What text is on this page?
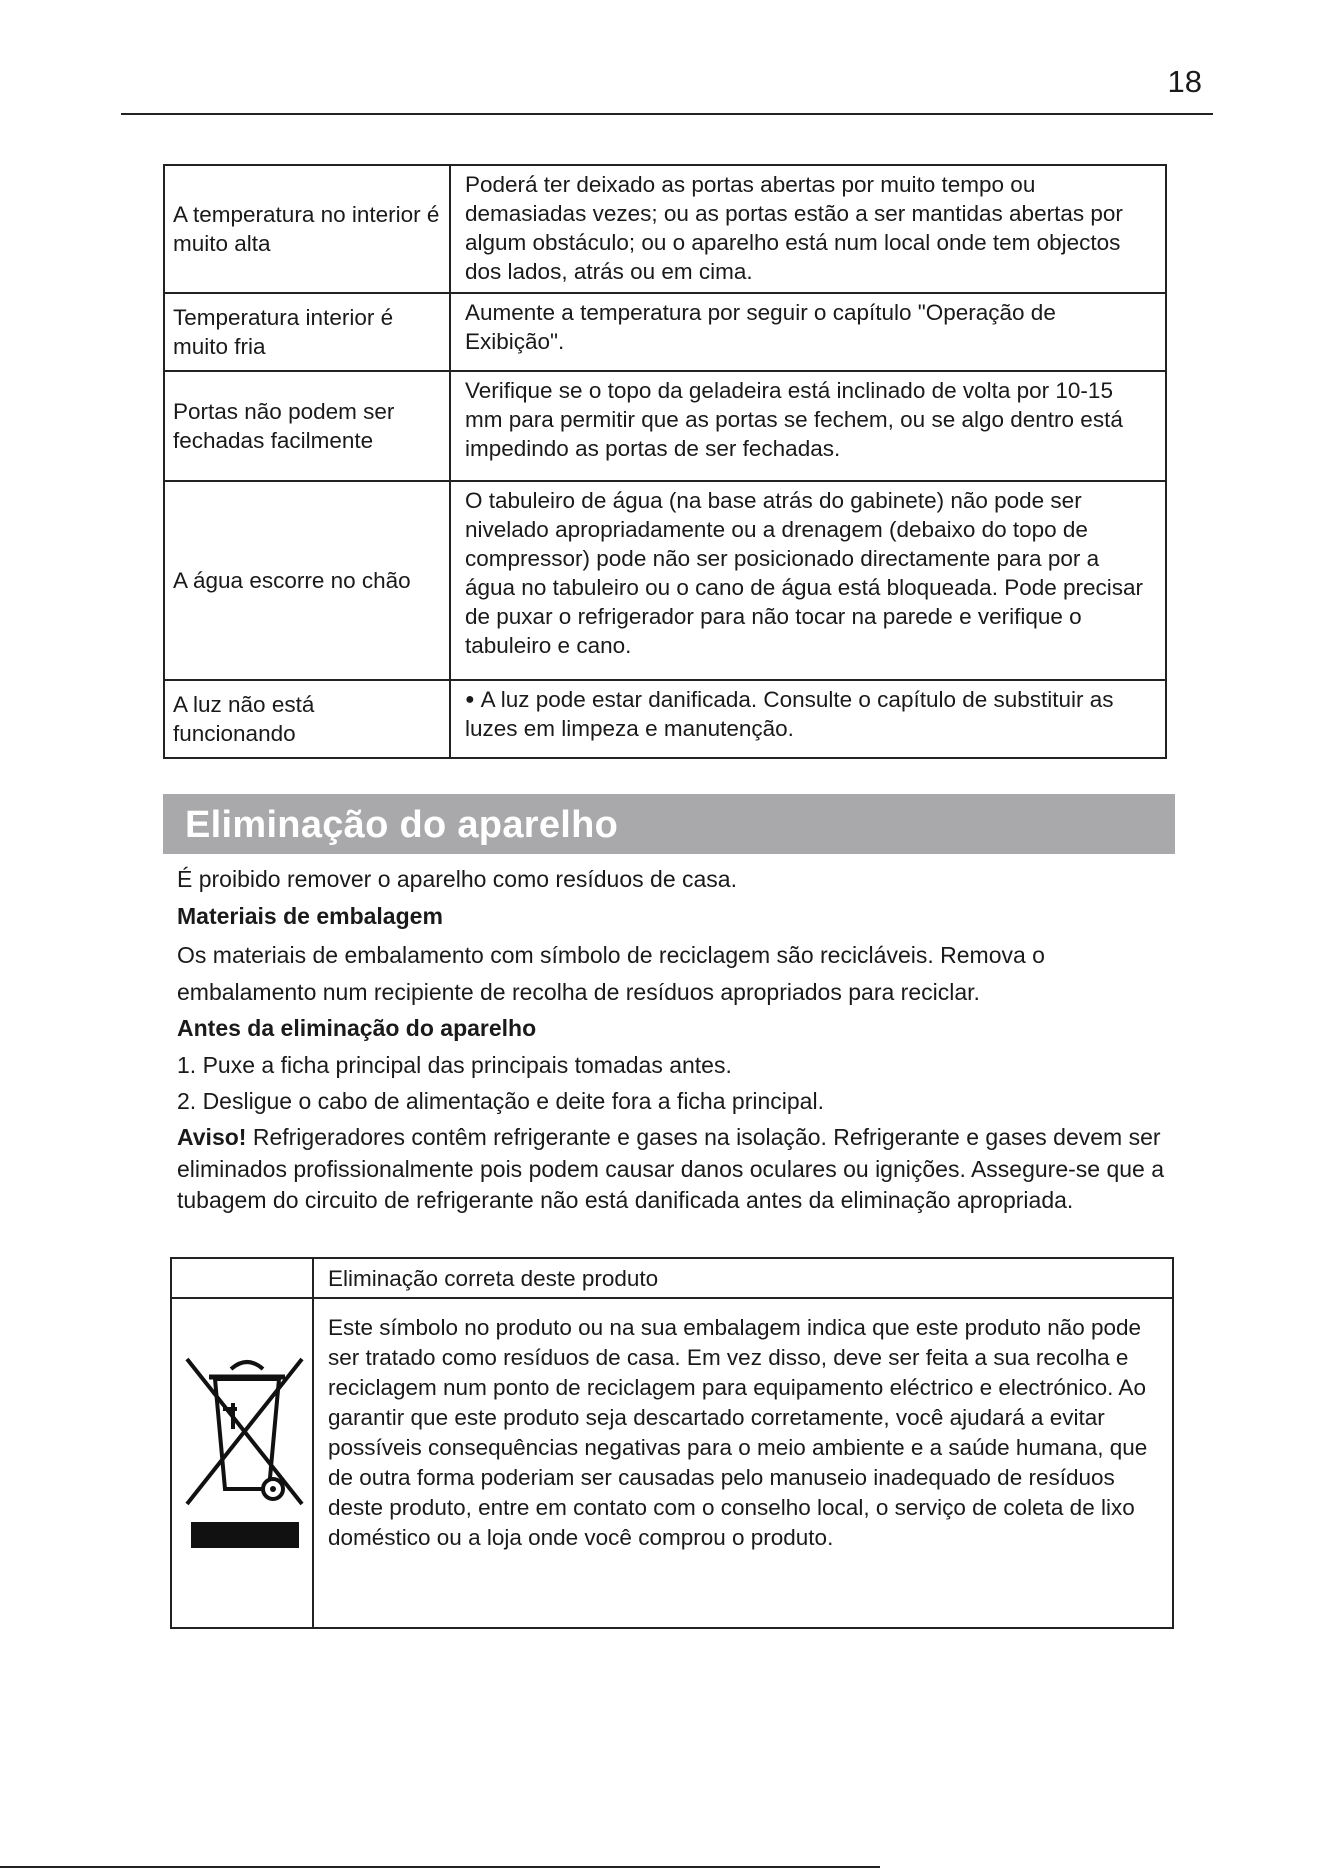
18
A temperatura no interior é muito alta	Poderá ter deixado as portas abertas por muito tempo ou demasiadas vezes; ou as portas estão a ser mantidas abertas por algum obstáculo; ou o aparelho está num local onde tem objectos dos lados, atrás ou em cima.
Temperatura interior é muito fria	Aumente a temperatura por seguir o capítulo "Operação de Exibição".
Portas não podem ser fechadas facilmente	Verifique se o topo da geladeira está inclinado de volta por 10-15 mm para permitir que as portas se fechem, ou se algo dentro está impedindo as portas de ser fechadas.
A água escorre no chão	O tabuleiro de água (na base atrás do gabinete) não pode ser nivelado apropriadamente ou a drenagem (debaixo do topo de compressor) pode não ser posicionado directamente para por a água no tabuleiro ou o cano de água está bloqueada. Pode precisar de puxar o refrigerador para não tocar na parede e verifique o tabuleiro e cano.
A luz não está funcionando	● A luz pode estar danificada. Consulte o capítulo de substituir as luzes em limpeza e manutenção.
Eliminação do aparelho

É proibido remover o aparelho como resíduos de casa.

Materiais de embalagem

Os materiais de embalamento com símbolo de reciclagem são recicláveis. Remova o

embalamento num recipiente de recolha de resíduos apropriados para reciclar.

Antes da eliminação do aparelho

1. Puxe a ficha principal das principais tomadas antes.

2. Desligue o cabo de alimentação e deite fora a ficha principal.

Aviso! Refrigeradores contêm refrigerante e gases na isolação. Refrigerante e gases devem ser eliminados profissionalmente pois podem causar danos oculares ou ignições. Assegure-se que a tubagem do circuito de refrigerante não está danificada antes da eliminação apropriada.

	Eliminação correta deste produto

	Este símbolo no produto ou na sua embalagem indica que este produto não pode ser tratado como resíduos de casa. Em vez disso, deve ser feita a sua recolha e reciclagem num ponto de reciclagem para equipamento eléctrico e electrónico. Ao garantir que este produto seja descartado corretamente, você ajudará a evitar possíveis consequências negativas para o meio ambiente e a saúde humana, que de outra forma poderiam ser causadas pelo manuseio inadequado de resíduos deste produto, entre em contato com o conselho local, o serviço de coleta de lixo doméstico ou a loja onde você comprou o produto.
